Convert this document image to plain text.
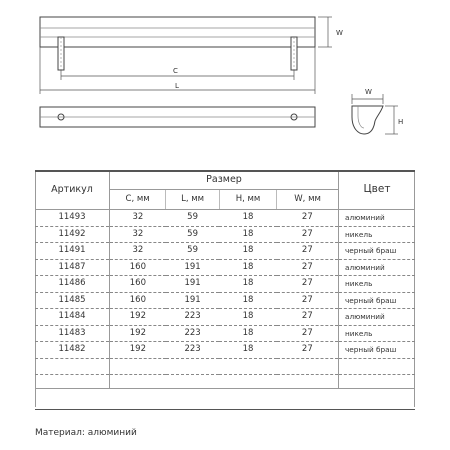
W
C
L
W
H
Артикул	Размер				Цвет
	C, мм	L, мм	H, мм	W, мм	
11493	32	59	18	27	алюминий
11492	32	59	18	27	никель
11491	32	59	18	27	черный браш
11487	160	191	18	27	алюминий
11486	160	191	18	27	никель
11485	160	191	18	27	черный браш
11484	192	223	18	27	алюминий
11483	192	223	18	27	никель
11482	192	223	18	27	черный браш

Материал: алюминий
